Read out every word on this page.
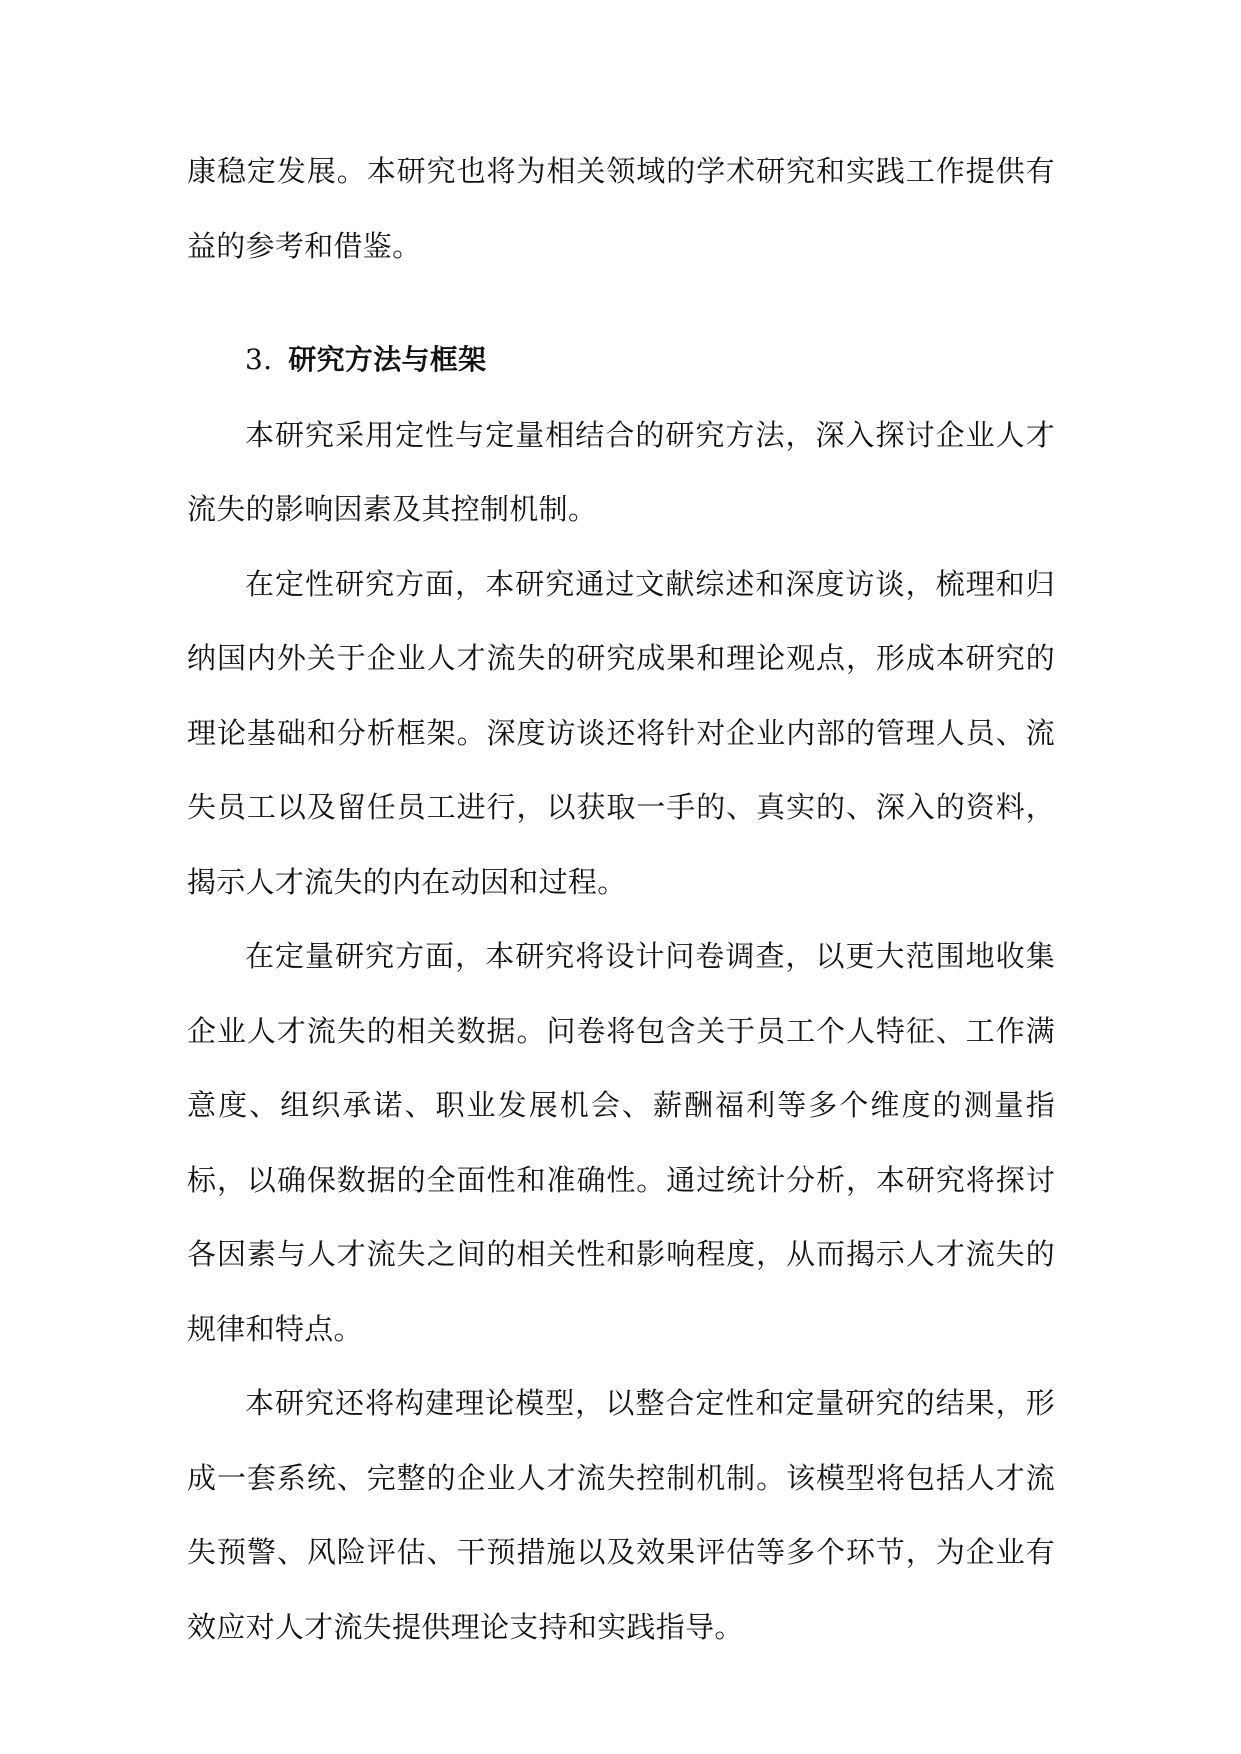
康稳定发展。本研究也将为相关领域的学术研究和实践工作提供有益的参考和借鉴。

3. 研究方法与框架

本研究采用定性与定量相结合的研究方法，深入探讨企业人才流失的影响因素及其控制机制。

在定性研究方面，本研究通过文献综述和深度访谈，梳理和归纳国内外关于企业人才流失的研究成果和理论观点，形成本研究的理论基础和分析框架。深度访谈还将针对企业内部的管理人员、流失员工以及留任员工进行，以获取一手的、真实的、深入的资料，揭示人才流失的内在动因和过程。

在定量研究方面，本研究将设计问卷调查，以更大范围地收集企业人才流失的相关数据。问卷将包含关于员工个人特征、工作满意度、组织承诺、职业发展机会、薪酬福利等多个维度的测量指标，以确保数据的全面性和准确性。通过统计分析，本研究将探讨各因素与人才流失之间的相关性和影响程度，从而揭示人才流失的规律和特点。

本研究还将构建理论模型，以整合定性和定量研究的结果，形成一套系统、完整的企业人才流失控制机制。该模型将包括人才流失预警、风险评估、干预措施以及效果评估等多个环节，为企业有效应对人才流失提供理论支持和实践指导。
